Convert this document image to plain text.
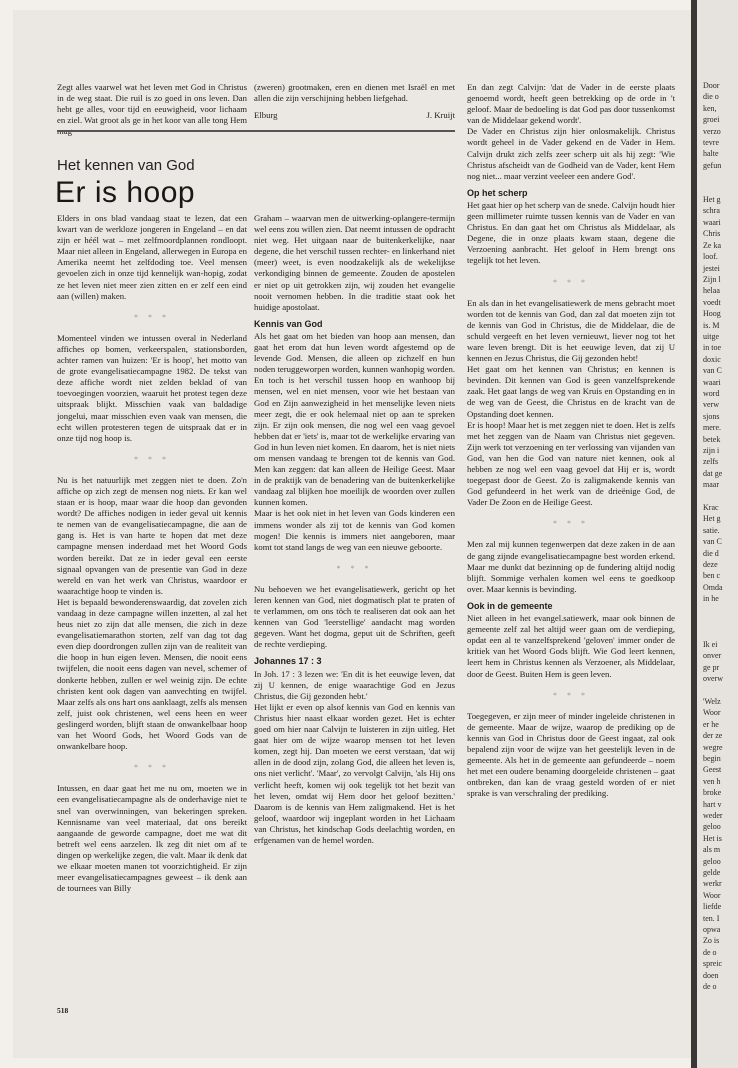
Zegt alles vaarwel wat het leven met God in Christus in de weg staat. Die ruil is zo goed in ons leven. Dan hebt ge alles, voor tijd en eeuwigheid, voor lichaam en ziel. Wat groot als ge in het koor van alle tong Hem

(zweren) grootmaken, eren en dienen met Israël en met allen die zijn verschijning hebben liefgehad.

Elburg	J. Kruijt

En dan zegt Calvijn: 'dat de Vader in de eerste plaats genoemd wordt, heeft geen betrekking op de orde in 't geloof. Maar de bedoeling is dat God pas door tussenkomst van de Middelaar gekend wordt'.

De Vader en Christus zijn hier onlosmakelijk. Christus wordt geheel in de Vader gekend en de Vader in Hem. Calvijn drukt zich zelfs zeer scherp uit als hij zegt: 'Wie Christus afscheidt van de Godheid van de Vader, kent Hem nog niet... maar verzint veeleer een andere God'.

Op het scherp

Het gaat hier op het scherp van de snede. Calvijn houdt hier geen millimeter ruimte tussen kennis van de Vader en van Christus. En dan gaat het om Christus als Middelaar, als Degene, die in onze plaats kwam staan, degene die Verzoening aanbracht. Het geloof in Hem brengt ons tegelijk tot het leven.

* * *

En als dan in het evangelisatiewerk de mens gebracht moet worden tot de kennis van God, dan zal dat moeten zijn tot de kennis van God in Christus, die de Middelaar, die de schuld vergeeft en het leven vernieuwt, liever nog tot het ware leven brengt. Dit is het eeuwige leven, dat zij U kennen en Jezus Christus, die Gij gezonden hebt!

Het gaat om het kennen van Christus; en kennen is bevinden. Dit kennen van God is geen vanzelfsprekende zaak. Het gaat langs de weg van Kruis en Opstanding en in de weg van de Geest, die Christus en de kracht van de Opstanding doet kennen.

Er is hoop! Maar het is met zeggen niet te doen. Het is zelfs met het zeggen van de Naam van Christus niet gegeven. Zijn werk tot verzoening en ter verlossing van vijanden van God, van hen die God van nature niet kennen, ook al hebben ze nog wel een vaag gevoel dat Hij er is, wordt toegepast door de Geest. Zo is zaligmakende kennis van God gefundeerd in het werk van de drieënige God, de Vader De Zoon en de Heilige Geest.

* * *

Men zal mij kunnen tegenwerpen dat deze zaken in de aan de gang zijnde evangelisatiecampagne best worden erkend. Maar me dunkt dat bezinning op de fundering altijd nodig blijft. Sommige verhalen komen wel eens te goedkoop over. Maar kennis is bevinding.

Ook in de gemeente

Niet alleen in het evangel.satiewerk, maar ook binnen de gemeente zelf zal het altijd weer gaan om de verdieping, opdat een al te vanzelfsprekend 'geloven' immer onder de kritiek van het Woord Gods blijft. Wie God leert kennen, leert hem in Christus kennen als Verzoener, als Middelaar, door de Geest. Buiten Hem is geen leven.

* * *

Toegegeven, er zijn meer of minder ingeleide christenen in de gemeente. Maar de wijze, waarop de prediking op de kennis van God in Christus door de Geest ingaat, zal ook bepalend zijn voor de wijze van het geestelijk leven in de gemeente. Als het in de gemeente aan gefundeerde – noem het met een oudere benaming doorgeleide christenen – gaat ontbreken, dan kan de vraag gesteld worden of er niet sprake is van verschraling der prediking.

Het kennen van God
Er is hoop

Elders in ons blad vandaag staat te lezen, dat een kwart van de werkloze jongeren in Engeland – en dat zijn er héél wat – met zelfmoordplannen rondloopt. Maar niet alleen in Engeland, allerwegen in Europa en Amerika neemt het zelfdoding toe. Veel mensen gevoelen zich in onze tijd kennelijk wan-hopig, zodat ze het leven niet meer zien zitten en er zelf een eind aan (willen) maken.

* * *

Momenteel vinden we intussen overal in Nederland affiches op bomen, verkeerspalen, stationsborden, achter ramen van huizen: 'Er is hoop', het motto van de grote evangelisatiecampagne 1982. De tekst van deze affiche wordt niet zelden beklad of van toevoegingen voorzien, waaruit het protest tegen deze uitspraak blijkt. Misschien vaak van baldadige jongelui, maar misschien even vaak van mensen, die echt willen protesteren tegen de uitspraak dat er in onze tijd nog hoop is.

* * *

Nu is het natuurlijk met zeggen niet te doen. Zo'n affiche op zich zegt de mensen nog niets. Er kan wel staan er is hoop, maar waar die hoop dan gevonden wordt? De affiches nodigen in ieder geval uit kennis te nemen van de evangelisatiecampagne, die aan de gang is. Het is van harte te hopen dat met deze campagne mensen inderdaad met het Woord Gods worden bereikt. Dat ze in ieder geval een eerste signaal opvangen van de presentie van God in deze wereld en van het werk van Christus, waardoor er waarachtige hoop te vinden is.

Het is bepaald bewonderenswaardig, dat zovelen zich vandaag in deze campagne willen inzetten, al zal het heus niet zo zijn dat alle mensen, die zich in deze evangelisatiemarathon storten, zelf van dag tot dag even diep doordrongen zullen zijn van de realiteit van die hoop in hun eigen leven. Mensen, die nooit eens twijfelen, die nooit eens dagen van nevel, schemer of donkerte hebben, zullen er wel weinig zijn. De echte christen kent ook dagen van aanvechting en twijfel. Maar zelfs als ons hart ons aanklaagt, zelfs als mensen zelf, juist ook christenen, wel eens heen en weer geslingerd worden, blijft staan de onwankelbaar hoop van het Woord Gods, het Woord Gods van de onwankelbare hoop.

* * *

Intussen, en daar gaat het me nu om, moeten we in een evangelisatiecampagne als de onderhavige niet te snel van overwinningen, van bekeringen spreken. Kennisname van veel materiaal, dat ons bereikt aangaande de geworde campagne, doet me wat dit betreft wel eens aarzelen. Ik zeg dit niet om af te dingen op werkelijke zegen, die valt. Maar ik denk dat we elkaar moeten manen tot voorzichtigheid. Er zijn meer evangelisatiecampagnes geweest – ik denk aan de tournees van Billy

Graham – waarvan men de uitwerking-oplangere-termijn wel eens zou willen zien. Dat neemt intussen de opdracht niet weg. Het uitgaan naar de buitenkerkelijke, naar degene, die het verschil tussen rechter- en linkerhand niet (meer) weet, is even noodzakelijk als de wekelijkse verkondiging binnen de gemeente. Zouden de apostelen er niet op uit getrokken zijn, wij zouden het evangelie nooit vernomen hebben. In die traditie staat ook het huidige apostolaat.

Kennis van God

Als het gaat om het bieden van hoop aan mensen, dan gaat het erom dat hun leven wordt afgestemd op de levende God. Mensen, die alleen op zichzelf en hun noden teruggeworpen worden, kunnen wanhopig worden. En toch is het verschil tussen hoop en wanhoop bij mensen, wel en niet mensen, voor wie het bestaan van God en Zijn aanwezigheid in het menselijke leven niets meer zegt, die er ook helemaal niet op aan te spreken zijn. Er zijn ook mensen, die nog wel een vaag gevoel hebben dat er 'iets' is, maar tot de werkelijke ervaring van God in hun leven niet komen. En daarom, het is niet niets om mensen vandaag te brengen tot de kennis van God. Men kan zeggen: dat kan alleen de Heilige Geest. Maar in de praktijk van de benadering van de buitenkerkelijke vandaag zal blijken hoe moeilijk de woorden over zullen kunnen komen.

Maar is het ook niet in het leven van Gods kinderen een immens wonder als zij tot de kennis van God komen mogen! Die kennis is immers niet aangeboren, maar komt tot stand langs de weg van een nieuwe geboorte.

* * *

Nu behoeven we het evangelisatiewerk, gericht op het leren kennen van God, niet dogmatisch plat te praten of te verlammen, om ons töch te realiseren dat ook aan het kennen van God 'leerstellige' aandacht mag worden gegeven. Want het dogma, geput uit de Schriften, geeft de rechte verdieping.

Johannes 17 : 3

In Joh. 17 : 3 lezen we: 'En dit is het eeuwige leven, dat zij U kennen, de enige waarachtige God en Jezus Christus, die Gij gezonden hebt.'

Het lijkt er even op alsof kennis van God en kennis van Christus hier naast elkaar worden gezet. Het is echter goed om hier naar Calvijn te luisteren in zijn uitleg. Het gaat hier om de wijze waarop mensen tot het leven komen, zegt hij. Dan moeten we eerst verstaan, 'dat wij allen in de dood zijn, zolang God, die alleen het leven is, ons niet verlicht'. 'Maar', zo vervolgt Calvijn, 'als Hij ons verlicht heeft, komen wij ook tegelijk tot het bezit van het leven, omdat wij Hem door het geloof bezitten.' Daarom is de kennis van Hem zaligmakend. Het is het geloof, waardoor wij ingeplant worden in het Lichaam van Christus, het kindschap Gods deelachtig worden, en erfgenamen van de hemel worden.

518
Door
die o
ken,
groei
verzo
tevre
halte
gefun

Het g
schra
waari
Chris
Ze ka
loof.
jestei
Zijn l
helaa
voedt
Hoog
is. M
uitge
in toe
doxic
van C
waari
word
verw
sjons
mere.
betek
zijn i
zelfs
dat ge
maar

Krac
Het g
satie.
van C
die d
deze
ben c
Omda
in he

Ik ei
onver
ge pr
overw

'Welz
Woor
er he
der ze
wegre
begin
Geest
ven h
broke
hart v
weder
geloo
Het is
als m
geloo
gelde
werkr
Woor
liefde
ten. I
opwa
Zo is
de o
spreic
doen
de o
